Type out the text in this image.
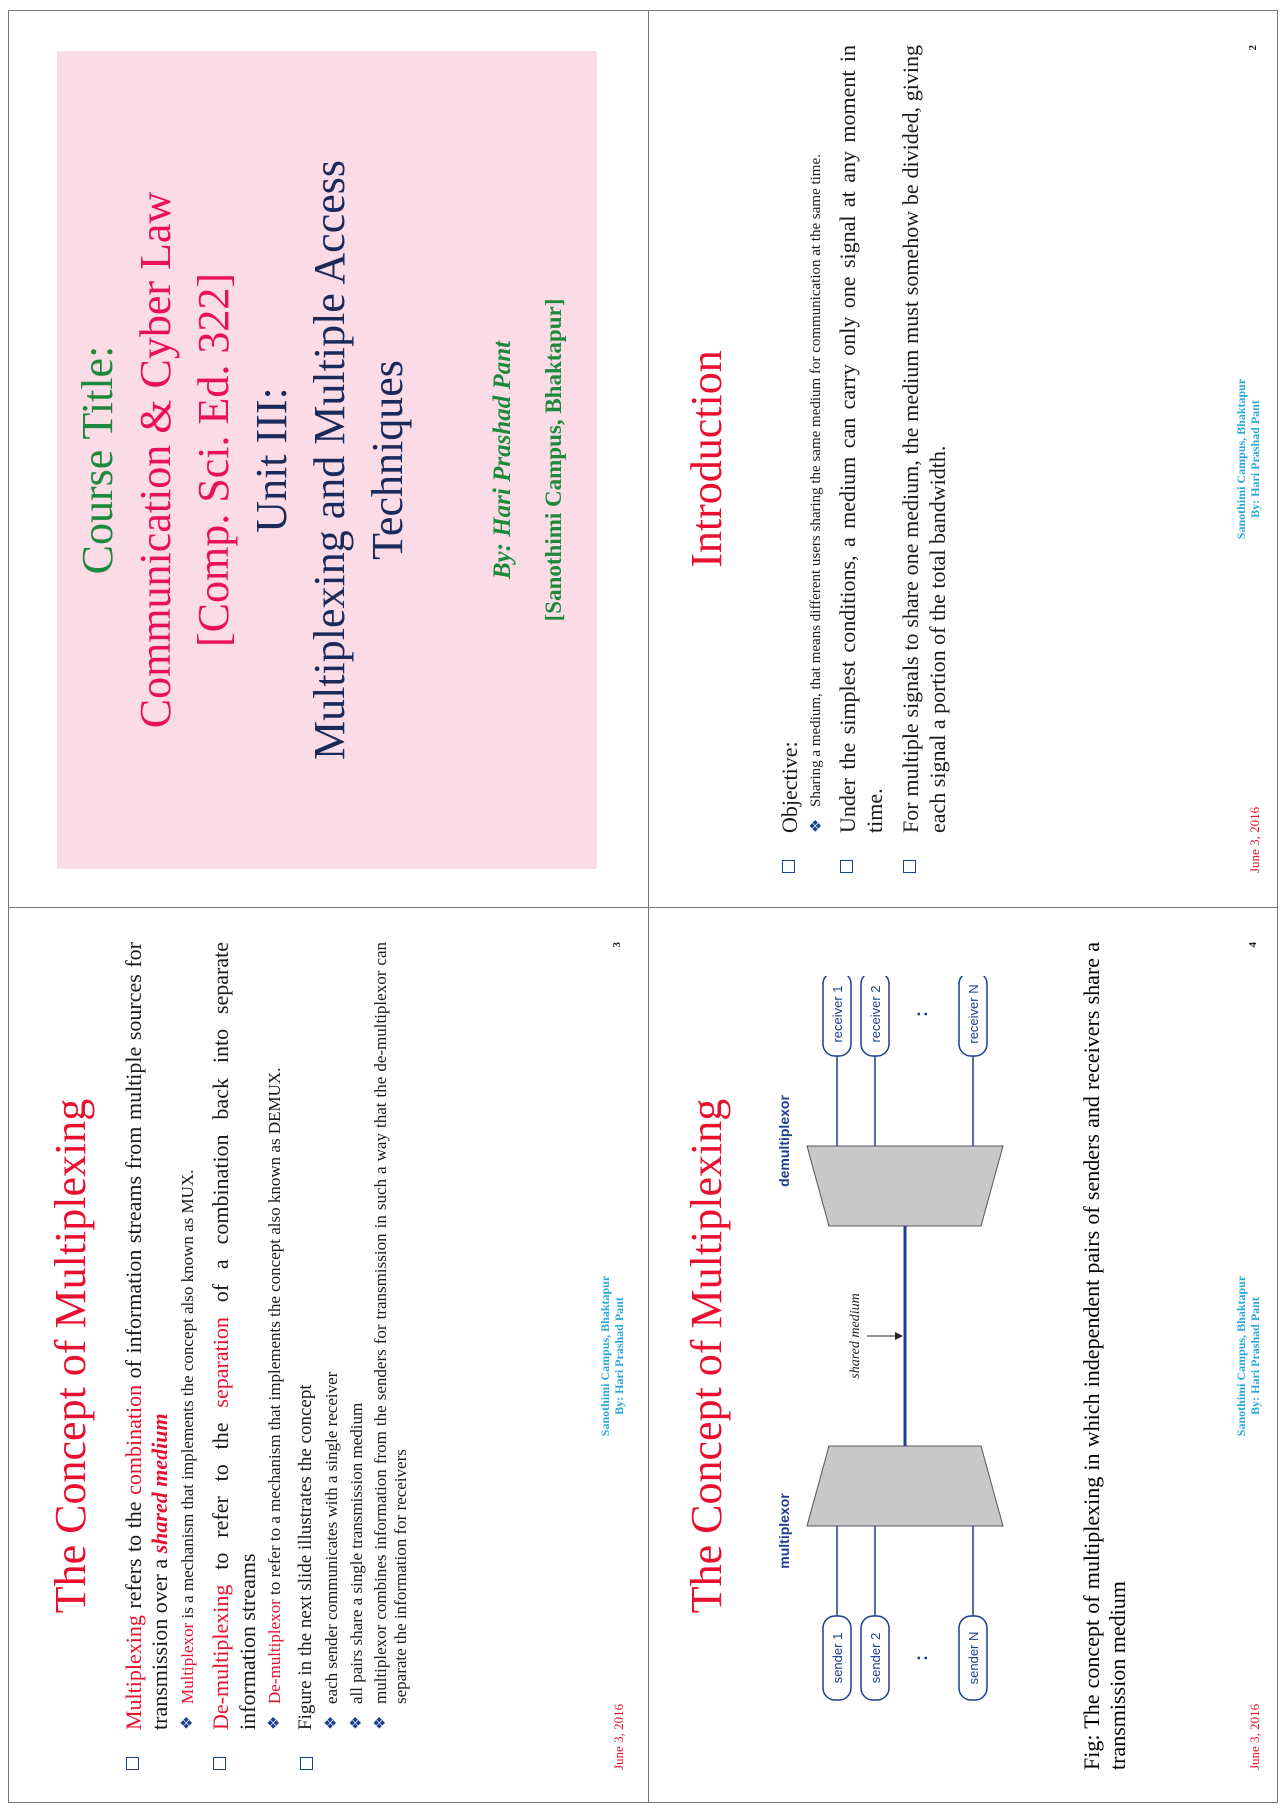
Course Title: Communication & Cyber Law [Comp. Sci. Ed. 322] Unit III: Multiplexing and Multiple Access Techniques	By: Hari Prashad Pant [Sanothimi Campus, Bhaktapur]	Introduction
Objective: ❖
Sharing a medium, that means different users sharing the same medium for communication at the same time. Under the simplest conditions, a medium can carry only one signal at any moment in time. For multiple signals to share one medium, the medium must somehow be divided, giving each signal a portion of the total bandwidth.
June 3, 2016
Sanothimi Campus, Bhaktapur By: Hari Prashad Pant
2
The Concept of Multiplexing
Multiplexing refers to the combination of information streams from multiple sources for transmission over a shared medium
❖
Multiplexor is a mechanism that implements the concept also known as MUX.
De-multiplexing to refer to the separation of a combination back into separate information streams ❖
De-multiplexor to refer to a mechanism that implements the concept also known as DEMUX. Figure in the next slide illustrates the concept ❖
each sender communicates with a single receiver
❖
all pairs share a single transmission medium
❖
multiplexor combines information from the senders for transmission in such a way that the de-multiplexor can separate the information for receivers
June 3, 2016
Sanothimi Campus, Bhaktapur By: Hari Prashad Pant
3
The Concept of Multiplexing	shared medium
multiplexor
demultiplexor
sender 1 sender 2	sender N
:
receiver 1 receiver 2	receiver N
:	Fig: The concept of multiplexing in which independent pairs of senders and receivers share a transmission medium	June 3, 2016
Sanothimi Campus, Bhaktapur By: Hari Prashad Pant
4
